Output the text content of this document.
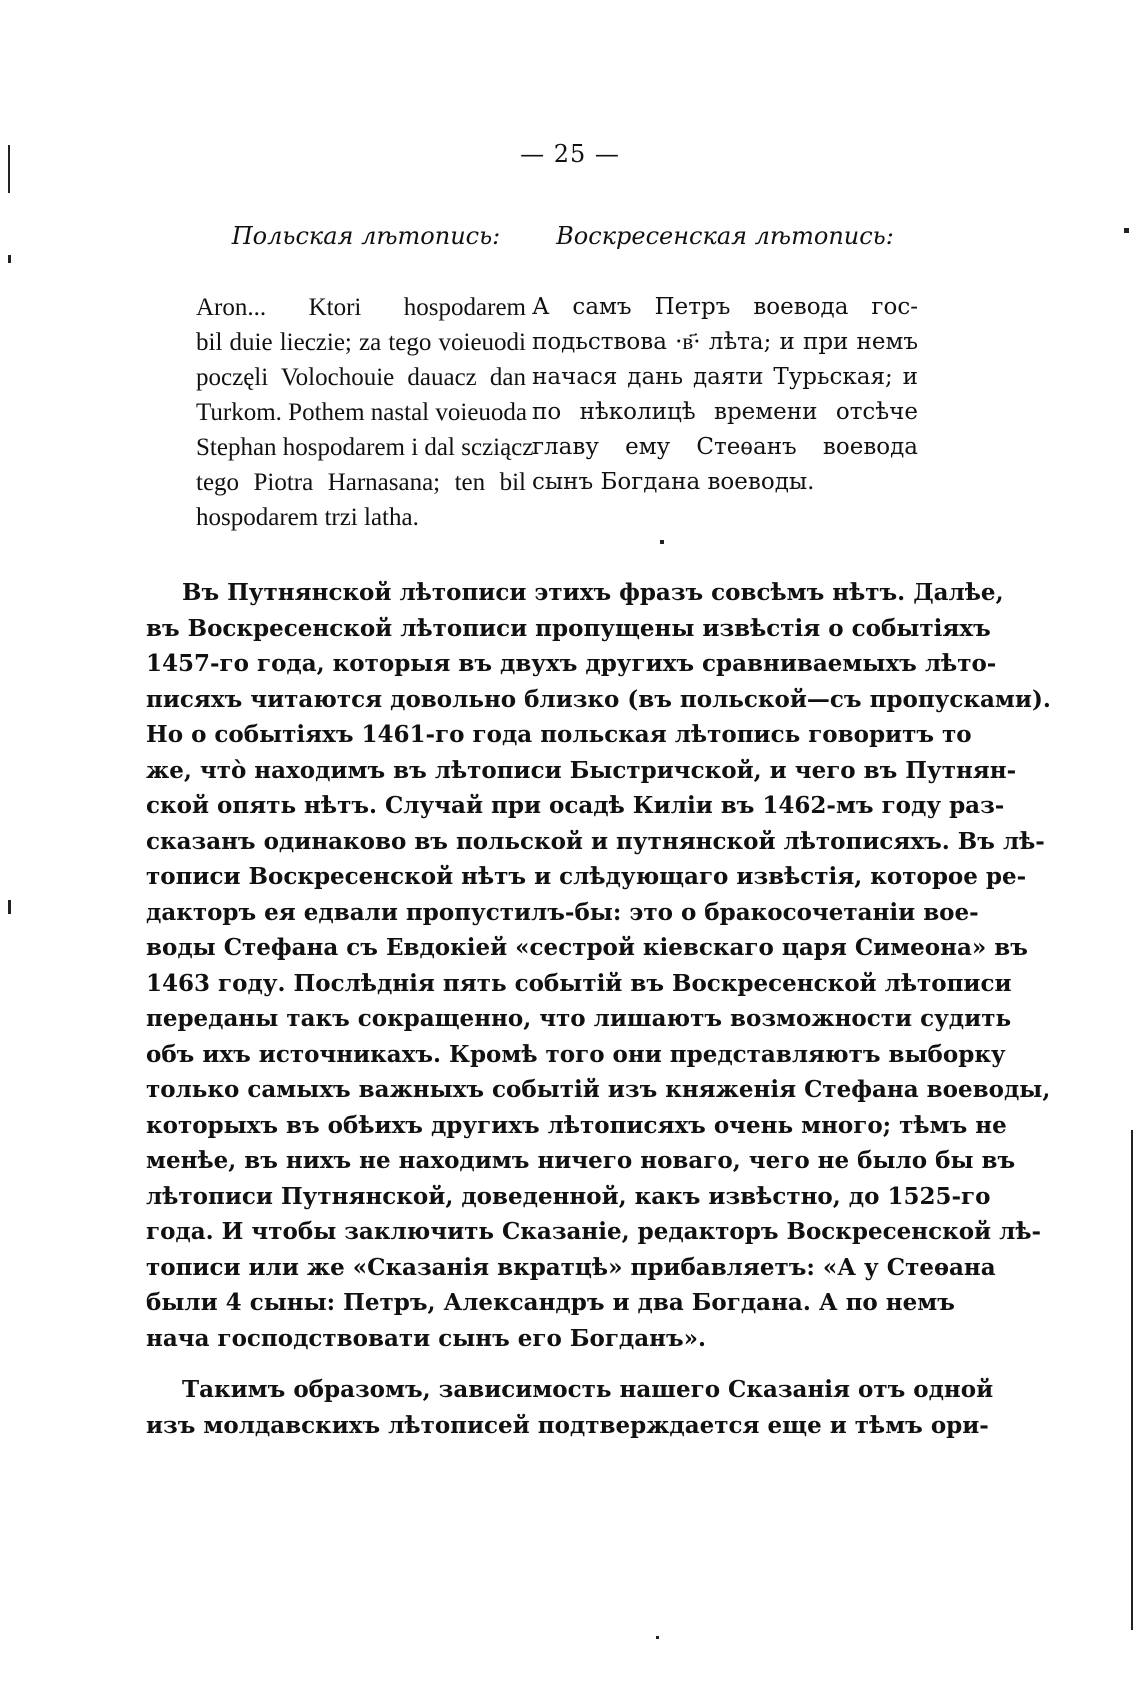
— 25 —
Польская лѣтопись:
Aron... Ktori hospodarem
bil duie lieczie; za tego voieuodi
poczęli Volochouie dauacz dan
Turkom. Pothem nastal voieuoda
Stephan hospodarem i dal scziącz
tego Piotra Harnasana; ten bil
hospodarem trzi latha.
Воскресенская лѣтопись:
А самъ Петръ воевода гос-
подьствова ·в҃· лѣта; и при немъ
начася дань даяти Турьская; и
по нѣколицѣ времени отсѣче
главу ему Стеѳанъ воевода
сынъ Богдана воеводы.
Въ Путнянской лѣтописи этихъ фразъ совсѣмъ нѣтъ. Далѣе,
въ Воскресенской лѣтописи пропущены извѣстія о событіяхъ
1457-го года, которыя въ двухъ другихъ сравниваемыхъ лѣто-
писяхъ читаются довольно близко (въ польской—съ пропусками).
Но о событіяхъ 1461-го года польская лѣтопись говоритъ то
же, что̀ находимъ въ лѣтописи Быстричской, и чего въ Путнян-
ской опять нѣтъ. Случай при осадѣ Киліи въ 1462-мъ году раз-
сказанъ одинаково въ польской и путнянской лѣтописяхъ. Въ лѣ-
тописи Воскресенской нѣтъ и слѣдующаго извѣстія, которое ре-
дакторъ ея едвали пропустилъ-бы: это о бракосочетаніи вое-
воды Стефана съ Евдокіей «сестрой кіевскаго царя Симеона» въ
1463 году. Послѣднія пять событій въ Воскресенской лѣтописи
переданы такъ сокращенно, что лишаютъ возможности судить
объ ихъ источникахъ. Кромѣ того они представляютъ выборку
только самыхъ важныхъ событій изъ княженія Стефана воеводы,
которыхъ въ обѣихъ другихъ лѣтописяхъ очень много; тѣмъ не
менѣе, въ нихъ не находимъ ничего новаго, чего не было бы въ
лѣтописи Путнянской, доведенной, какъ извѣстно, до 1525-го
года. И чтобы заключить Сказаніе, редакторъ Воскресенской лѣ-
тописи или же «Сказанія вкратцѣ» прибавляетъ: «А у Стеѳана
были 4 сыны: Петръ, Александръ и два Богдана. А по немъ
нача господствовати сынъ его Богданъ».
Такимъ образомъ, зависимость нашего Сказанія отъ одной
изъ молдавскихъ лѣтописей подтверждается еще и тѣмъ ори-
